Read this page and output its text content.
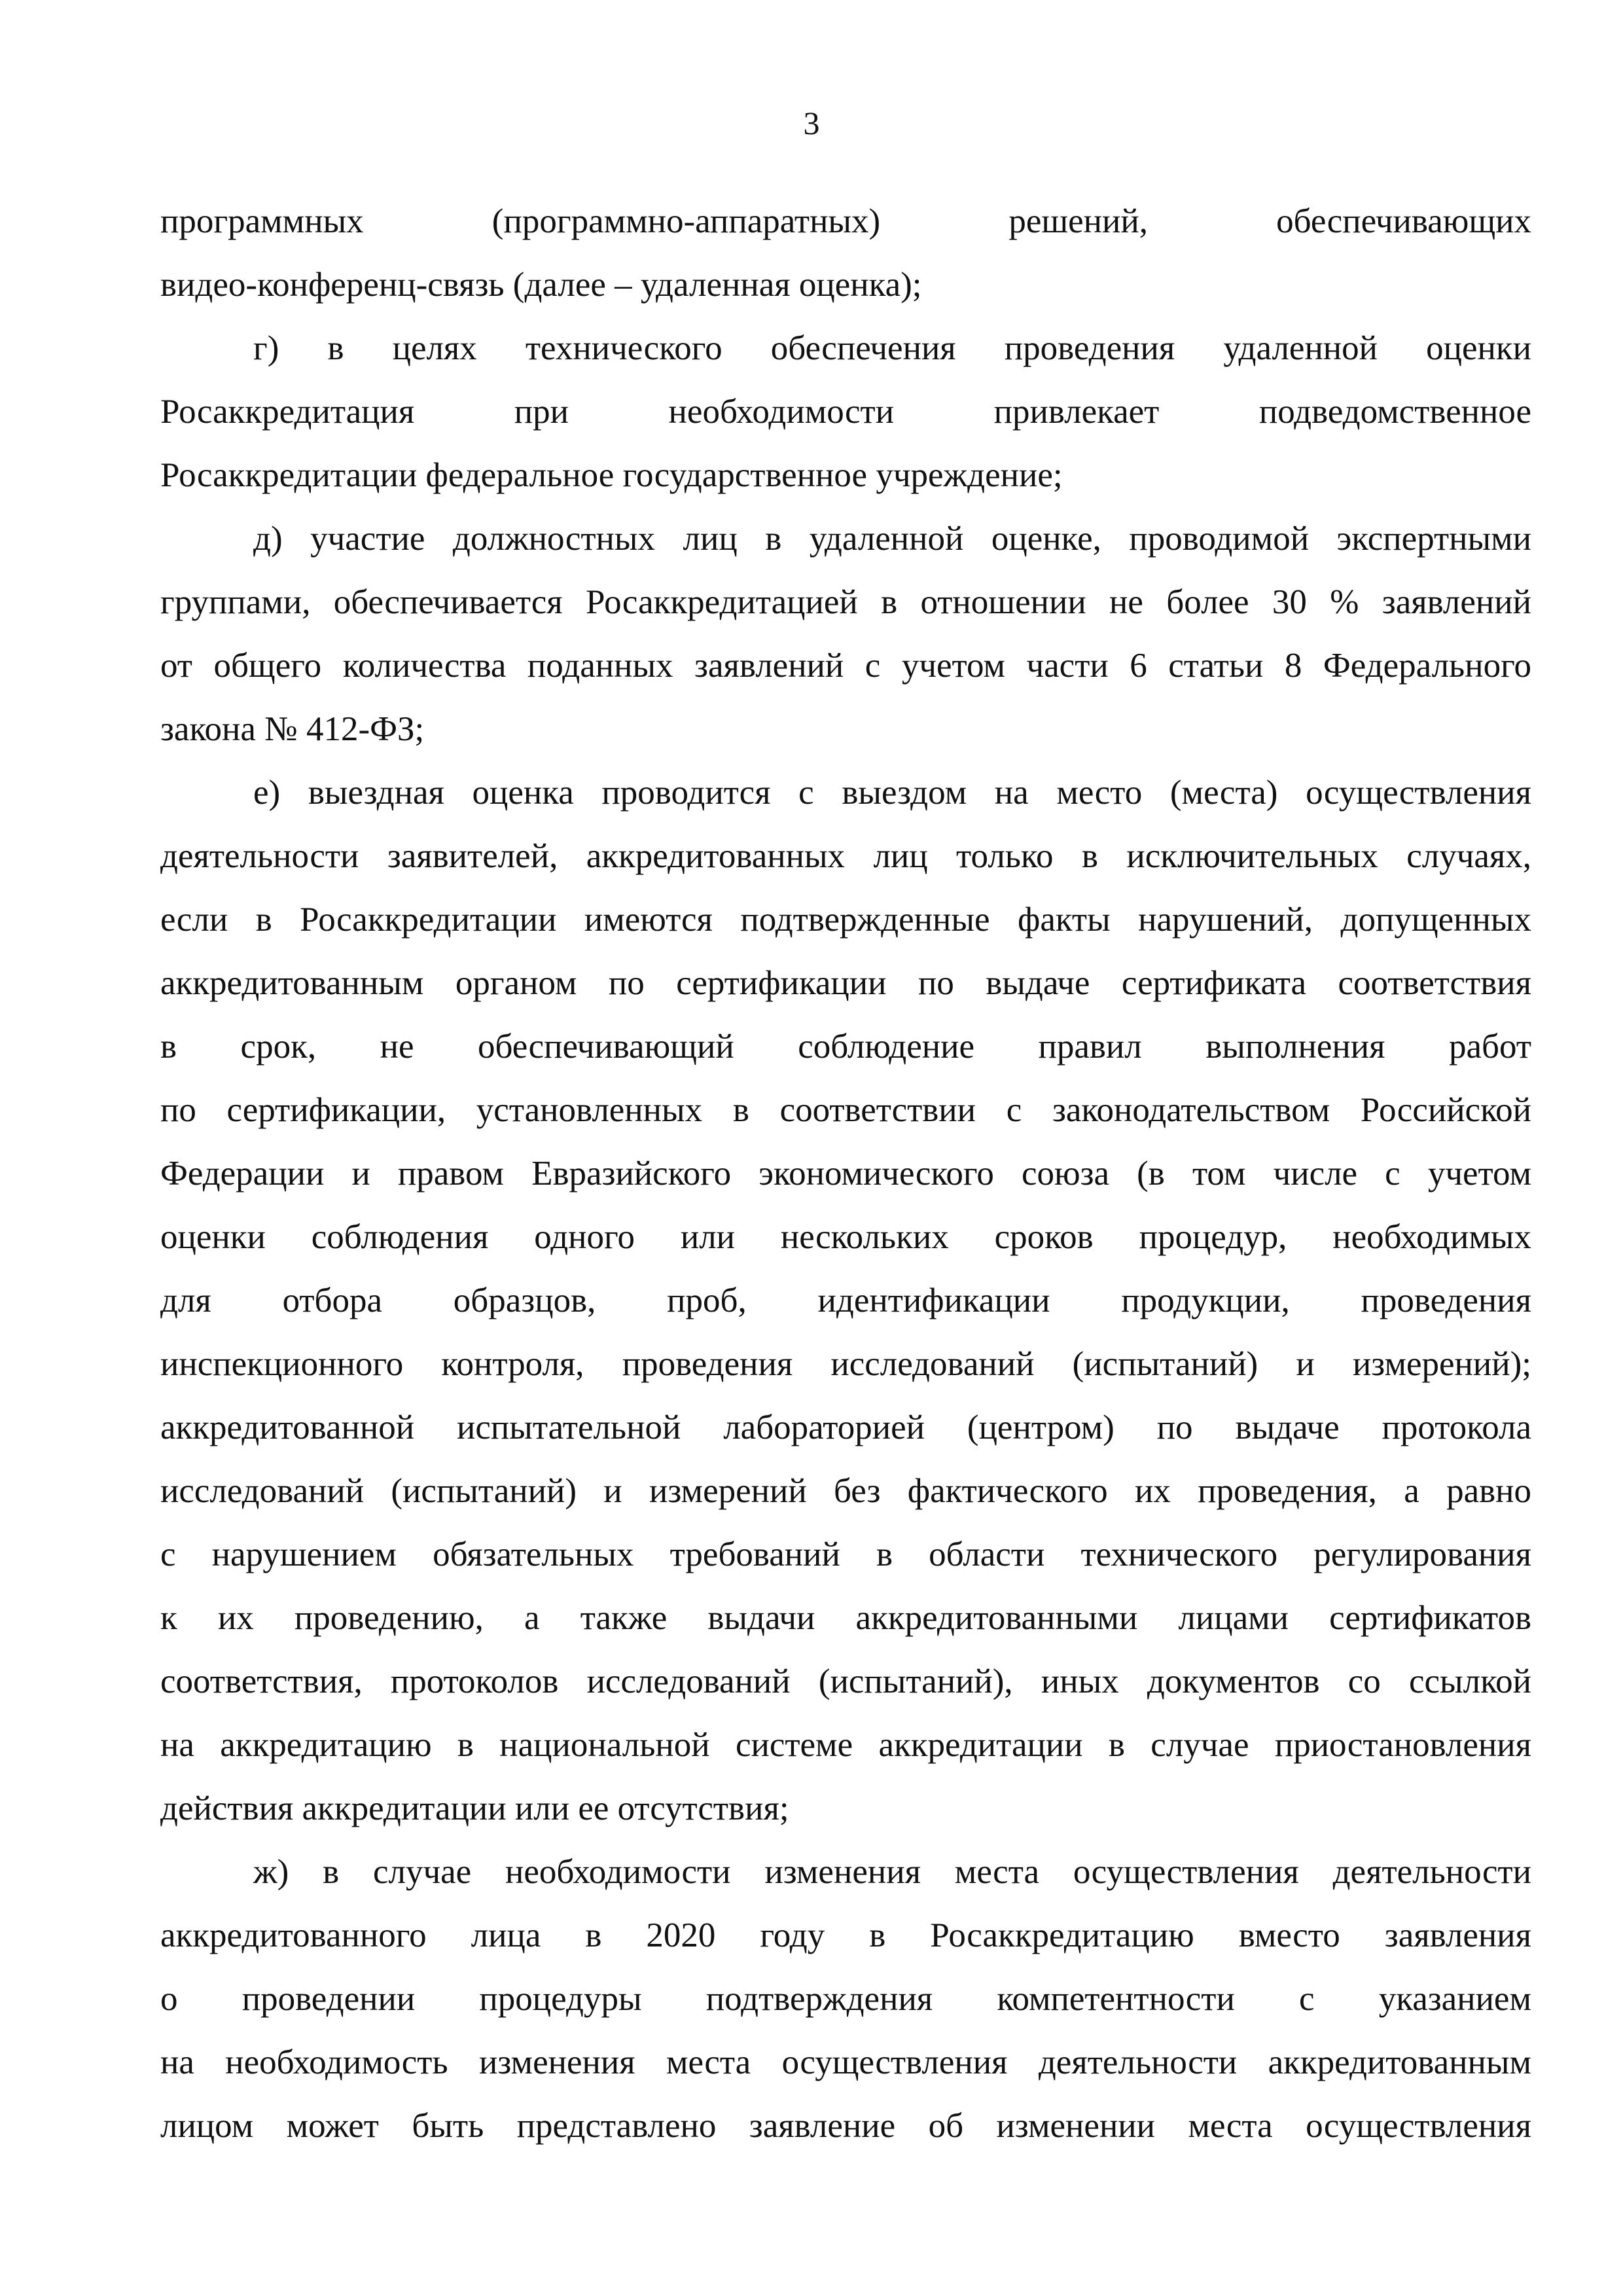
3
программных (программно-аппаратных) решений, обеспечивающих
видео-конференц-связь (далее – удаленная оценка);
г) в целях технического обеспечения проведения удаленной оценки
Росаккредитация при необходимости привлекает подведомственное
Росаккредитации федеральное государственное учреждение;
д) участие должностных лиц в удаленной оценке, проводимой экспертными
группами, обеспечивается Росаккредитацией в отношении не более 30 % заявлений
от общего количества поданных заявлений с учетом части 6 статьи 8 Федерального
закона № 412-ФЗ;
е) выездная оценка проводится с выездом на место (места) осуществления
деятельности заявителей, аккредитованных лиц только в исключительных случаях,
если в Росаккредитации имеются подтвержденные факты нарушений, допущенных
аккредитованным органом по сертификации по выдаче сертификата соответствия
в срок, не обеспечивающий соблюдение правил выполнения работ
по сертификации, установленных в соответствии с законодательством Российской
Федерации и правом Евразийского экономического союза (в том числе с учетом
оценки соблюдения одного или нескольких сроков процедур, необходимых
для отбора образцов, проб, идентификации продукции, проведения
инспекционного контроля, проведения исследований (испытаний) и измерений);
аккредитованной испытательной лабораторией (центром) по выдаче протокола
исследований (испытаний) и измерений без фактического их проведения, а равно
с нарушением обязательных требований в области технического регулирования
к их проведению, а также выдачи аккредитованными лицами сертификатов
соответствия, протоколов исследований (испытаний), иных документов со ссылкой
на аккредитацию в национальной системе аккредитации в случае приостановления
действия аккредитации или ее отсутствия;
ж) в случае необходимости изменения места осуществления деятельности
аккредитованного лица в 2020 году в Росаккредитацию вместо заявления
о проведении процедуры подтверждения компетентности с указанием
на необходимость изменения места осуществления деятельности аккредитованным
лицом может быть представлено заявление об изменении места осуществления
